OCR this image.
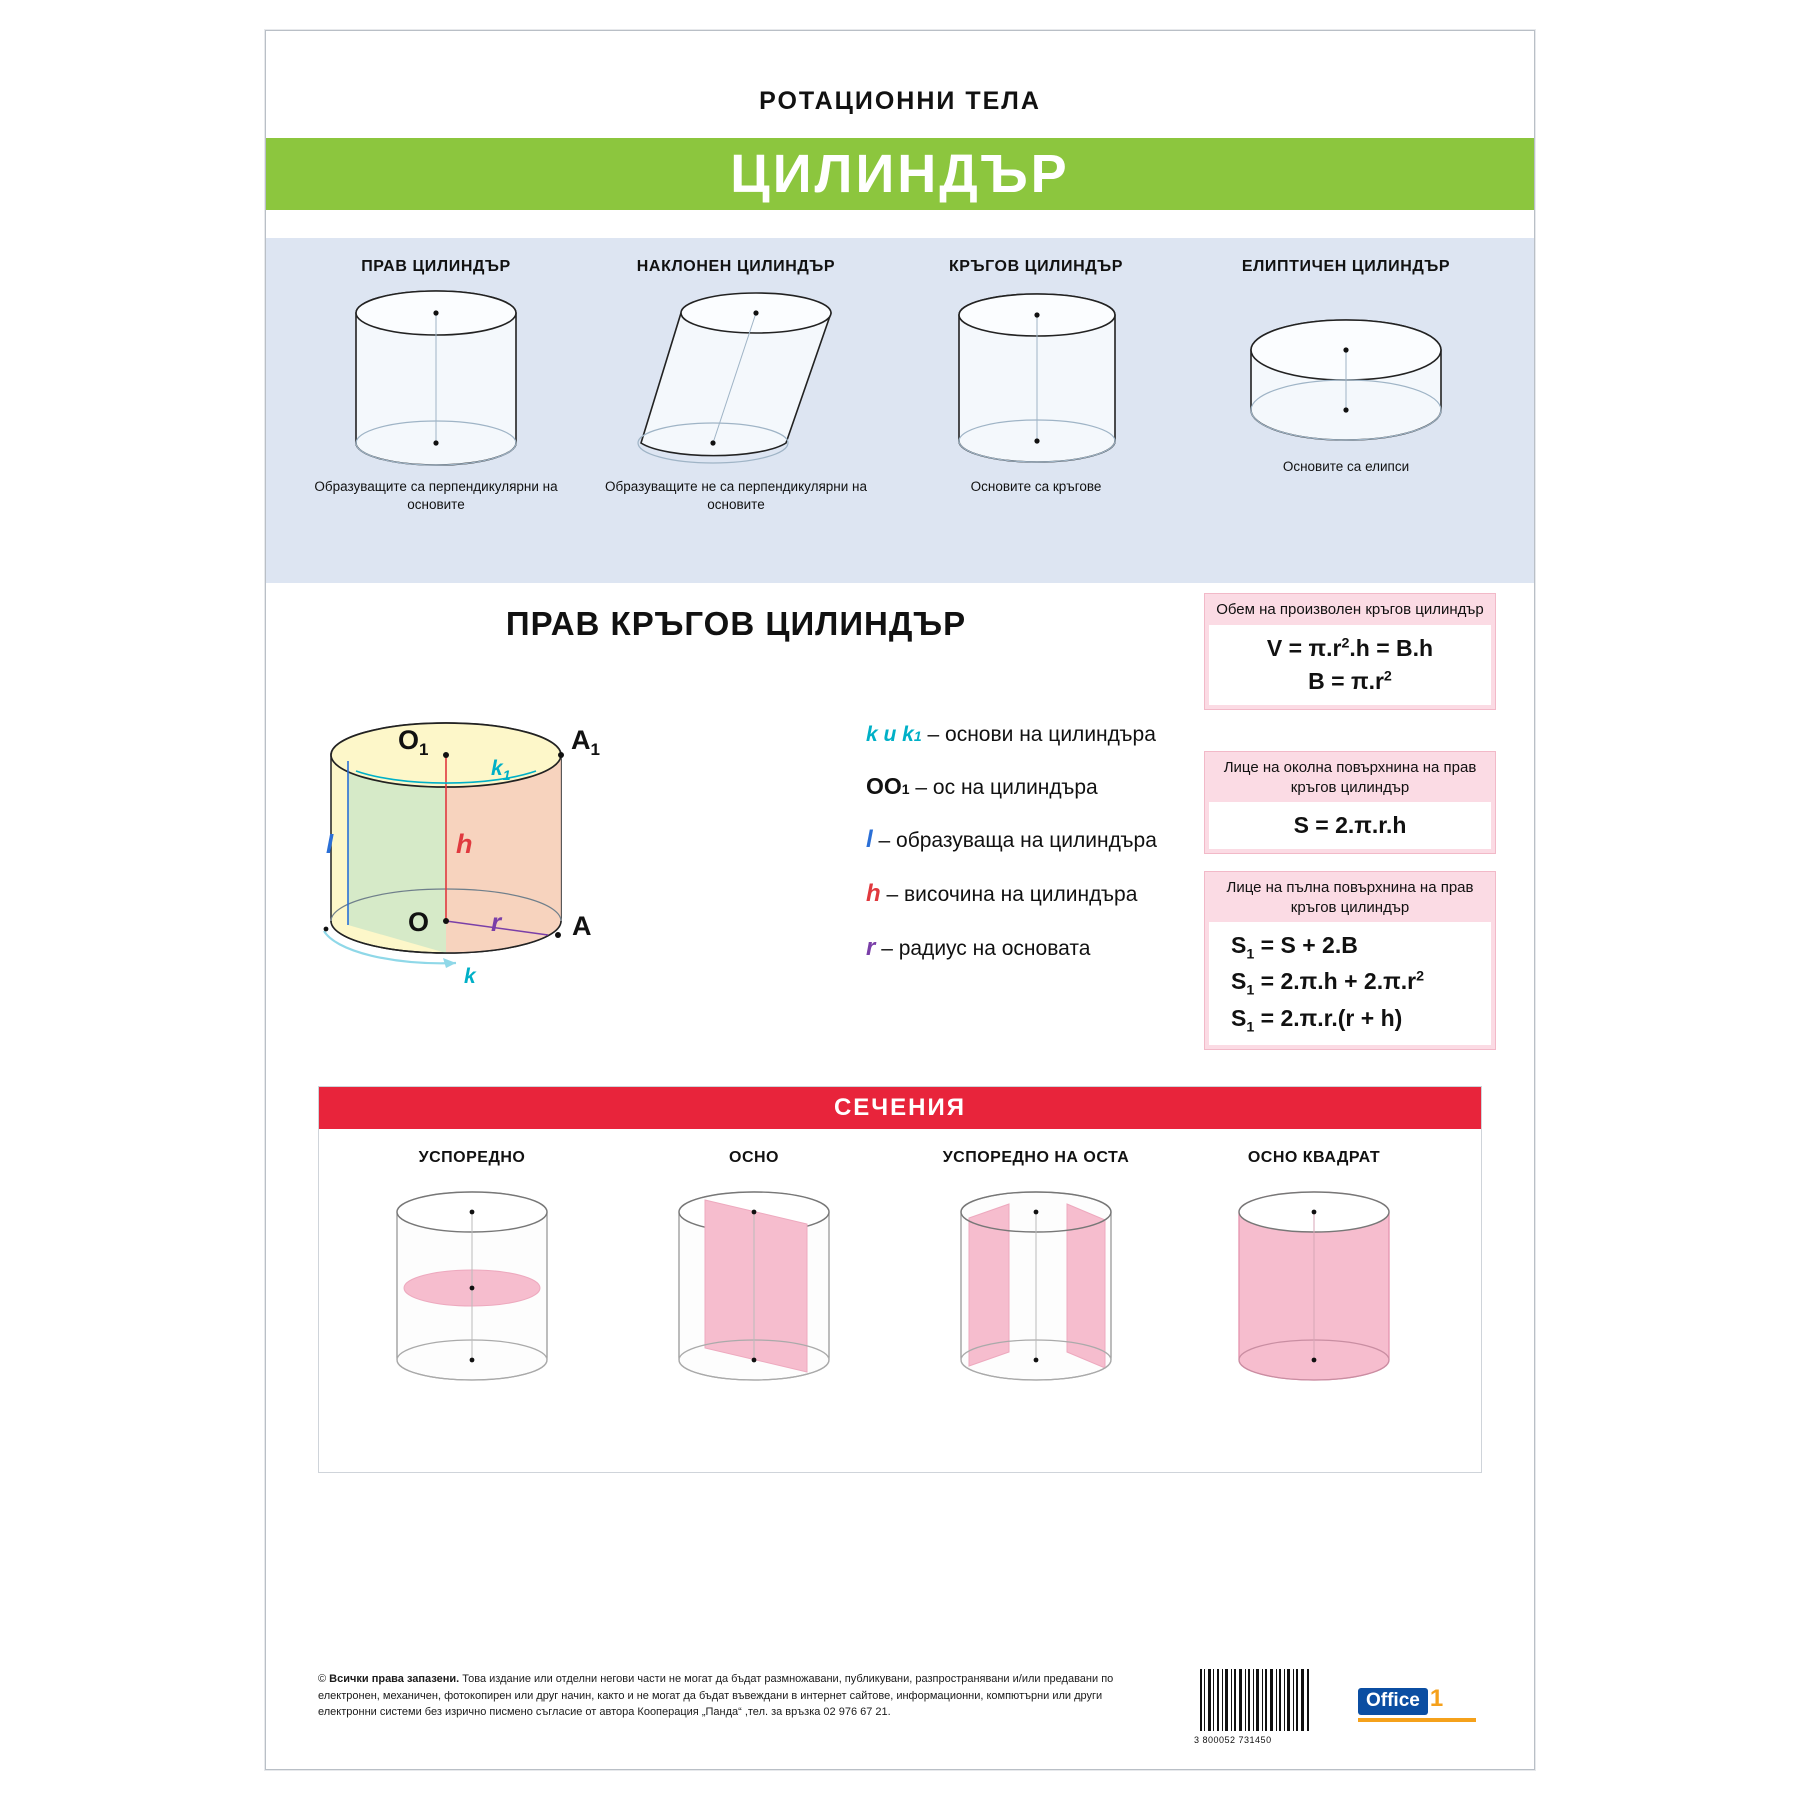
РОТАЦИОННИ ТЕЛА
ЦИЛИНДЪР
ПРАВ ЦИЛИНДЪР
Образуващите са перпендикулярни на основите
НАКЛОНЕН ЦИЛИНДЪР
Образуващите не са перпендикулярни на основите
КРЪГОВ ЦИЛИНДЪР
Основите са кръгове
ЕЛИПТИЧЕН ЦИЛИНДЪР
Основите са елипси
ПРАВ КРЪГОВ ЦИЛИНДЪР
$O_1$	$A_1$
$k_1$
k
O	A
l	h
r
k и k1 – основи на цилиндъра
OO1 – ос на цилиндъра
l – образуваща на цилиндъра
h – височина на цилиндъра
r – радиус на основата
Обем на произволен кръгов цилиндър
$V = \pi.r^2.h = B.h$
$B = \pi.r^2$
Лице на околна повърхнина на прав кръгов цилиндър
S = 2.π.r.h
Лице на пълна повърхнина на прав кръгов цилиндър
$S_1 = S + 2.B$
$S_1 = 2.\pi.h + 2.\pi.r^2$
$S_1 = 2.\pi.r.(r + h)$
СЕЧЕНИЯ
УСПОРЕДНО	ОСНО	УСПОРЕДНО НА ОСТА	ОСНО КВАДРАТ
© Всички права запазени. Това издание или отделни негови части не могат да бъдат размножавани, публикувани, разпространявани и/или предавани по електронен, механичен, фотокопирен или друг начин, както и не могат да бъдат въвеждани в интернет сайтове, информационни, компютърни или други електронни системи без изрично писмено съгласие от автора Кооперация „Панда“ ,тел. за връзка 02 976 67 21.
3 800052 731450
Office 1
